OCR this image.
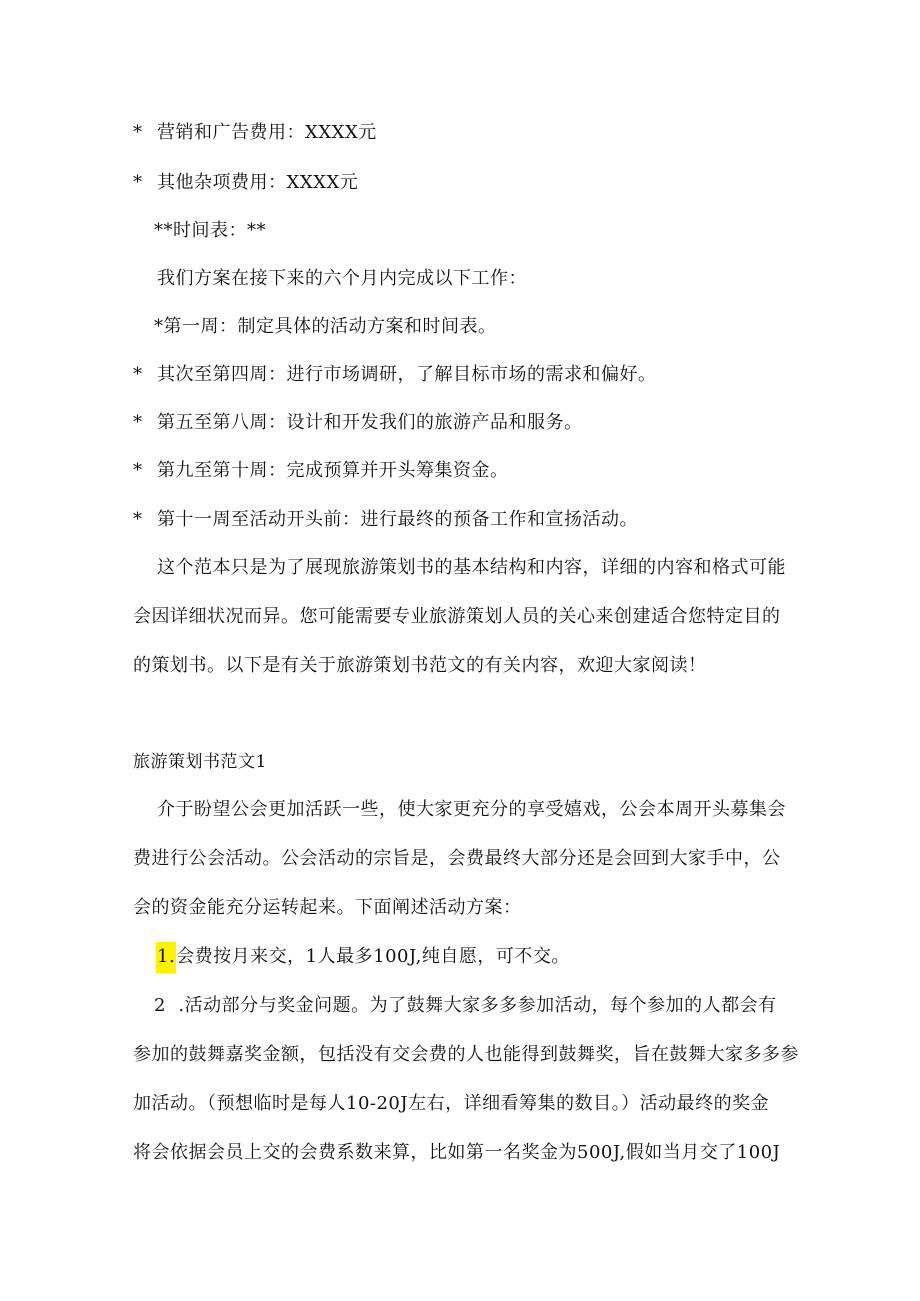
* 营销和广告费用：XXXX元
* 其他杂项费用：XXXX元
**时间表：**
我们方案在接下来的六个月内完成以下工作：
*第一周：制定具体的活动方案和时间表。
* 其次至第四周：进行市场调研，了解目标市场的需求和偏好。
* 第五至第八周：设计和开发我们的旅游产品和服务。
* 第九至第十周：完成预算并开头筹集资金。
* 第十一周至活动开头前：进行最终的预备工作和宣扬活动。
这个范本只是为了展现旅游策划书的基本结构和内容，详细的内容和格式可能
会因详细状况而异。您可能需要专业旅游策划人员的关心来创建适合您特定目的
的策划书。以下是有关于旅游策划书范文的有关内容，欢迎大家阅读！
旅游策划书范文1
介于盼望公会更加活跃一些，使大家更充分的享受嬉戏，公会本周开头募集会
费进行公会活动。公会活动的宗旨是，会费最终大部分还是会回到大家手中，公
会的资金能充分运转起来。下面阐述活动方案：
1.会费按月来交，1人最多100J,纯自愿，可不交。
2  .活动部分与奖金问题。为了鼓舞大家多多参加活动，每个参加的人都会有
参加的鼓舞嘉奖金额，包括没有交会费的人也能得到鼓舞奖，旨在鼓舞大家多多参
加活动。（预想临时是每人10-20J左右，详细看筹集的数目。）活动最终的奖金
将会依据会员上交的会费系数来算，比如第一名奖金为500J,假如当月交了100J
